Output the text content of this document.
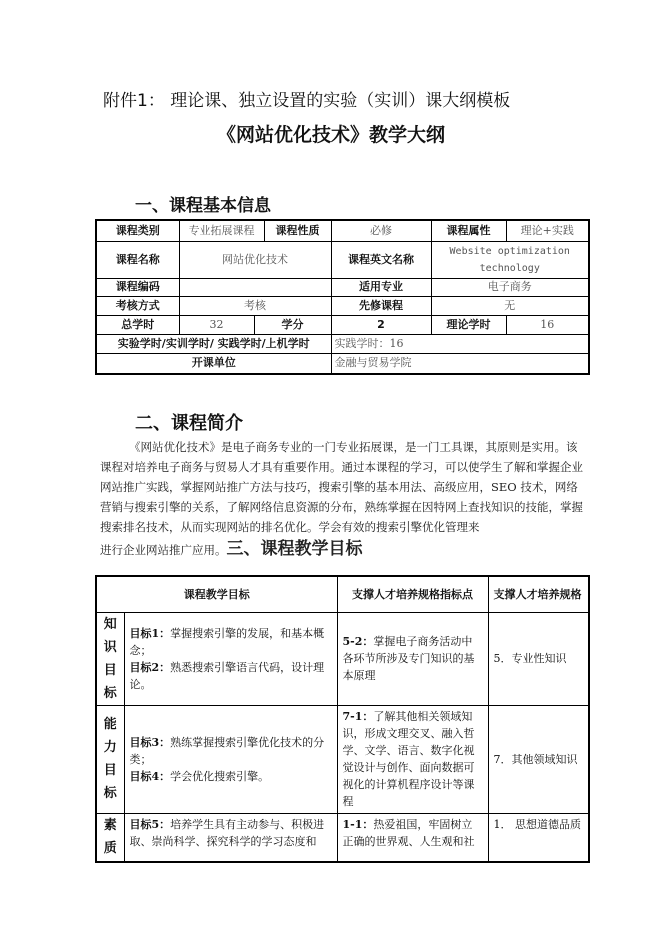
附件1： 理论课、独立设置的实验（实训）课大纲模板
《网站优化技术》教学大纲
一、课程基本信息
课程类别	专业拓展课程		课程性质	必修	课程属性	理论+实践
课程名称	网站优化技术			课程英文名称	Website optimization technology	
课程编码				适用专业	电子商务	
考核方式	考核			先修课程	无	
总学时	32	学分		2	理论学时	16
实验学时/实训学时/ 实践学时/上机学时				实践学时：16		
开课单位				金融与贸易学院		
二、课程简介
《网站优化技术》是电子商务专业的一门专业拓展课，是一门工具课，其原则是实用。该课程对培养电子商务与贸易人才具有重要作用。通过本课程的学习，可以使学生了解和掌握企业网站推广实践，掌握网站推广方法与技巧，搜索引擎的基本用法、高级应用，SEO 技术，网络营销与搜索引擎的关系，了解网络信息资源的分布，熟练掌握在因特网上查找知识的技能，掌握搜索排名技术，从而实现网站的排名优化。学会有效的搜索引擎优化管理来
进行企业网站推广应用。三、课程教学目标
课程教学目标		支撑人才培养规格指标点	支撑人才培养规格

知识目标	目标1：掌握搜索引擎的发展，和基本概念；
目标2：熟悉搜索引擎语言代码，设计理论。	5-2：掌握电子商务活动中各环节所涉及专门知识的基本原理	5．专业性知识

能力目标	目标3：熟练掌握搜索引擎优化技术的分类；
目标4：学会优化搜索引擎。	7-1：了解其他相关领域知识，形成文理交叉、融入哲学、文学、语言、数字化视觉设计与创作、面向数据可视化的计算机程序设计等课程	7．其他领域知识

素质	目标5：培养学生具有主动参与、积极进取、崇尚科学、探究科学的学习态度和	1-1：热爱祖国，牢固树立正确的世界观、人生观和社	1． 思想道德品质
